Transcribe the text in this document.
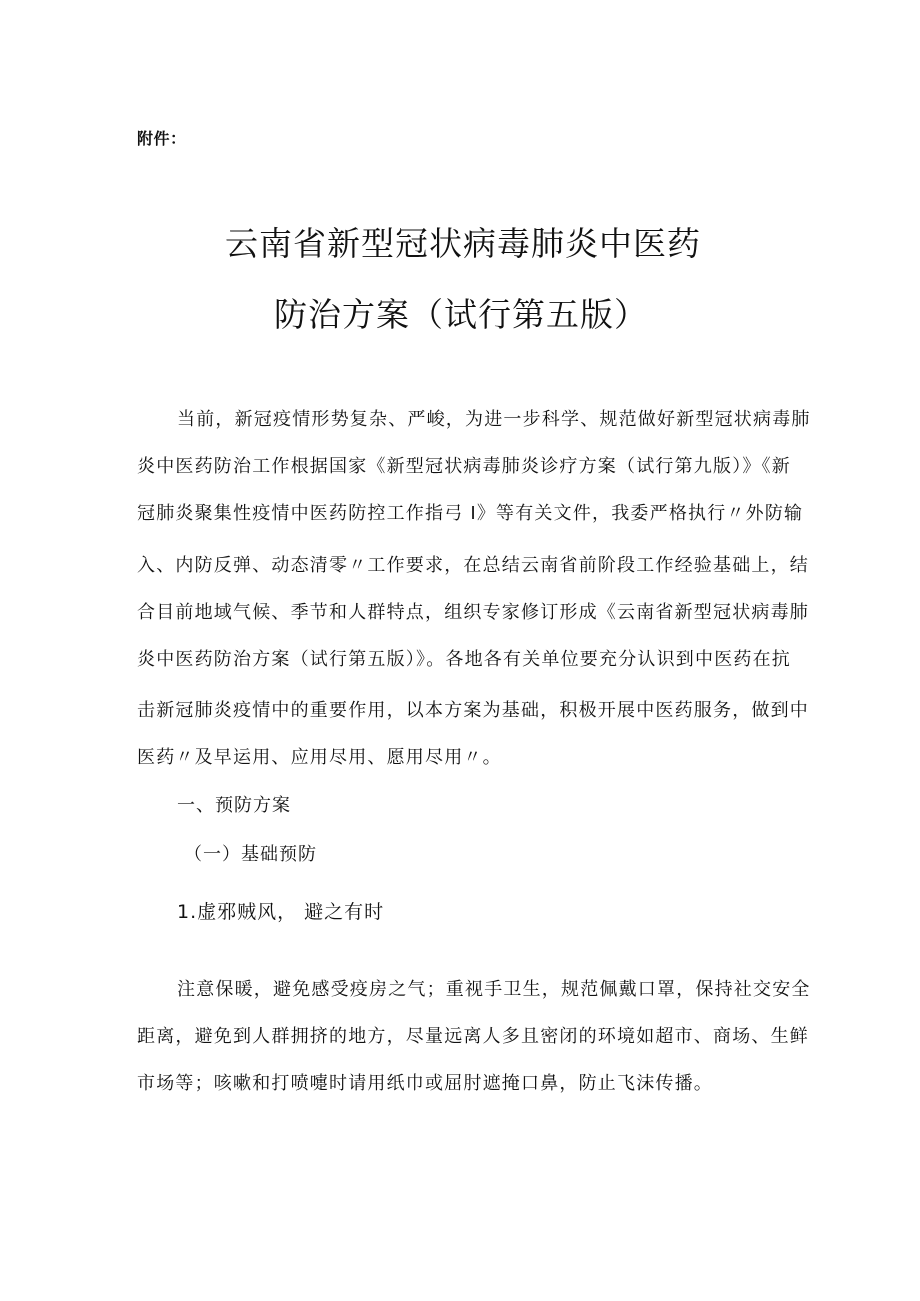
附件：
云南省新型冠状病毒肺炎中医药
防治方案（试行第五版）
当前，新冠疫情形势复杂、严峻，为进一步科学、规范做好新型冠状病毒肺
炎中医药防治工作根据国家《新型冠状病毒肺炎诊疗方案（试行第九版）》《新
冠肺炎聚集性疫情中医药防控工作指弓 I》等有关文件，我委严格执行〃外防输
入、内防反弹、动态清零〃工作要求，在总结云南省前阶段工作经验基础上，结
合目前地域气候、季节和人群特点，组织专家修订形成《云南省新型冠状病毒肺
炎中医药防治方案（试行第五版）》。各地各有关单位要充分认识到中医药在抗
击新冠肺炎疫情中的重要作用，以本方案为基础，积极开展中医药服务，做到中
医药〃及早运用、应用尽用、愿用尽用〃。
一、预防方案
（一）基础预防
1.虚邪贼风， 避之有时
注意保暖，避免感受疫房之气；重视手卫生，规范佩戴口罩，保持社交安全
距离，避免到人群拥挤的地方，尽量远离人多且密闭的环境如超市、商场、生鲜
市场等；咳嗽和打喷嚏时请用纸巾或屈肘遮掩口鼻，防止飞沫传播。
